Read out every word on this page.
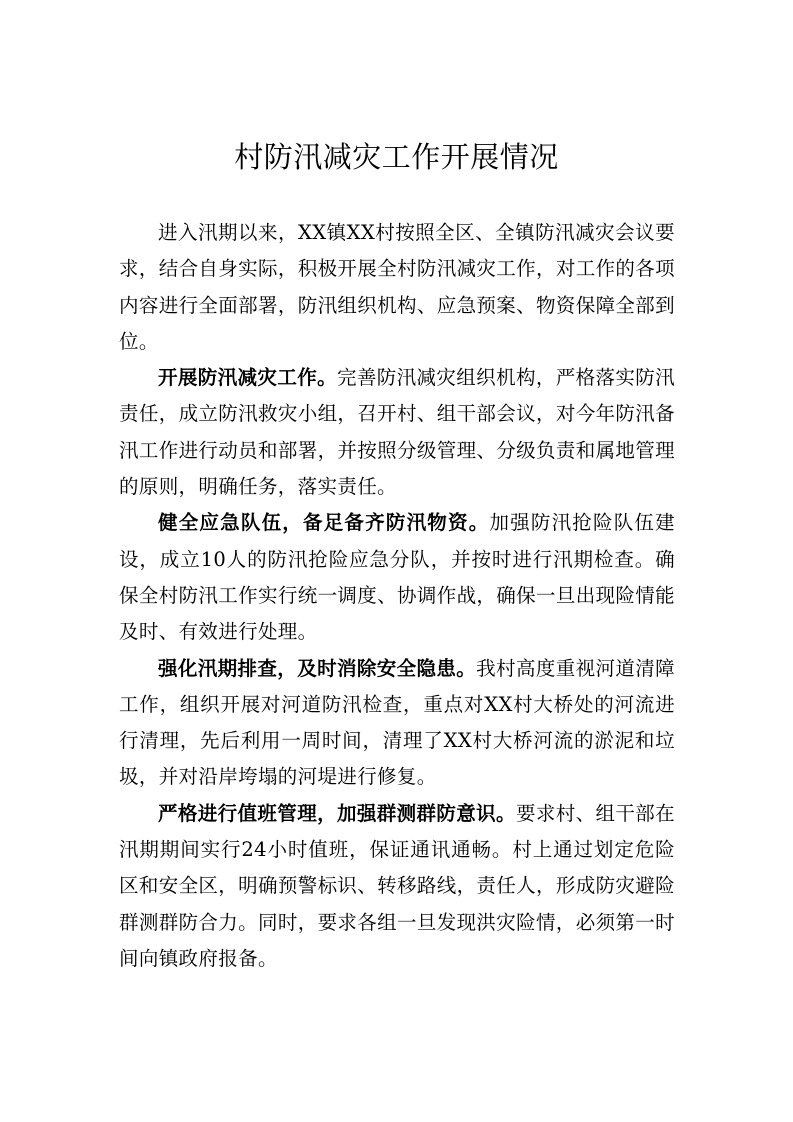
村防汛减灾工作开展情况

进入汛期以来，XX镇XX村按照全区、全镇防汛减灾会议要求，结合自身实际，积极开展全村防汛减灾工作，对工作的各项内容进行全面部署，防汛组织机构、应急预案、物资保障全部到位。

开展防汛减灾工作。完善防汛减灾组织机构，严格落实防汛责任，成立防汛救灾小组，召开村、组干部会议，对今年防汛备汛工作进行动员和部署，并按照分级管理、分级负责和属地管理的原则，明确任务，落实责任。

健全应急队伍，备足备齐防汛物资。加强防汛抢险队伍建设，成立10人的防汛抢险应急分队，并按时进行汛期检查。确保全村防汛工作实行统一调度、协调作战，确保一旦出现险情能及时、有效进行处理。

强化汛期排查，及时消除安全隐患。我村高度重视河道清障工作，组织开展对河道防汛检查，重点对XX村大桥处的河流进行清理，先后利用一周时间，清理了XX村大桥河流的淤泥和垃圾，并对沿岸垮塌的河堤进行修复。

严格进行值班管理，加强群测群防意识。要求村、组干部在汛期期间实行24小时值班，保证通讯通畅。村上通过划定危险区和安全区，明确预警标识、转移路线，责任人，形成防灾避险群测群防合力。同时，要求各组一旦发现洪灾险情，必须第一时间向镇政府报备。
